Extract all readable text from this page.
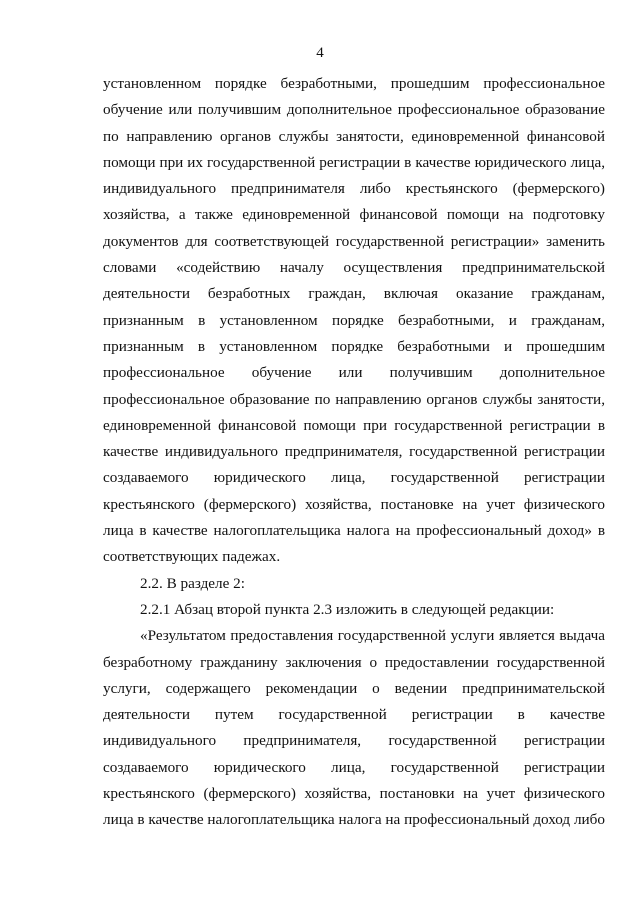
4
установленном порядке безработными, прошедшим профессиональное
обучение или получившим дополнительное профессиональное образование
по направлению органов службы занятости, единовременной финансовой
помощи при их государственной регистрации в качестве юридического лица,
индивидуального предпринимателя либо крестьянского (фермерского)
хозяйства, а также единовременной финансовой помощи на подготовку
документов для соответствующей государственной регистрации» заменить
словами «содействию началу осуществления предпринимательской
деятельности безработных граждан, включая оказание гражданам,
признанным в установленном порядке безработными, и гражданам,
признанным в установленном порядке безработными и прошедшим
профессиональное обучение или получившим дополнительное
профессиональное образование по направлению органов службы занятости,
единовременной финансовой помощи при государственной регистрации в
качестве индивидуального предпринимателя, государственной регистрации
создаваемого юридического лица, государственной регистрации
крестьянского (фермерского) хозяйства, постановке на учет физического
лица в качестве налогоплательщика налога на профессиональный доход» в
соответствующих падежах.
2.2. В разделе 2:
2.2.1 Абзац второй пункта 2.3 изложить в следующей редакции:
«Результатом предоставления государственной услуги является выдача
безработному гражданину заключения о предоставлении государственной
услуги, содержащего рекомендации о ведении предпринимательской
деятельности путем государственной регистрации в качестве
индивидуального предпринимателя, государственной регистрации
создаваемого юридического лица, государственной регистрации
крестьянского (фермерского) хозяйства, постановки на учет физического
лица в качестве налогоплательщика налога на профессиональный доход либо
